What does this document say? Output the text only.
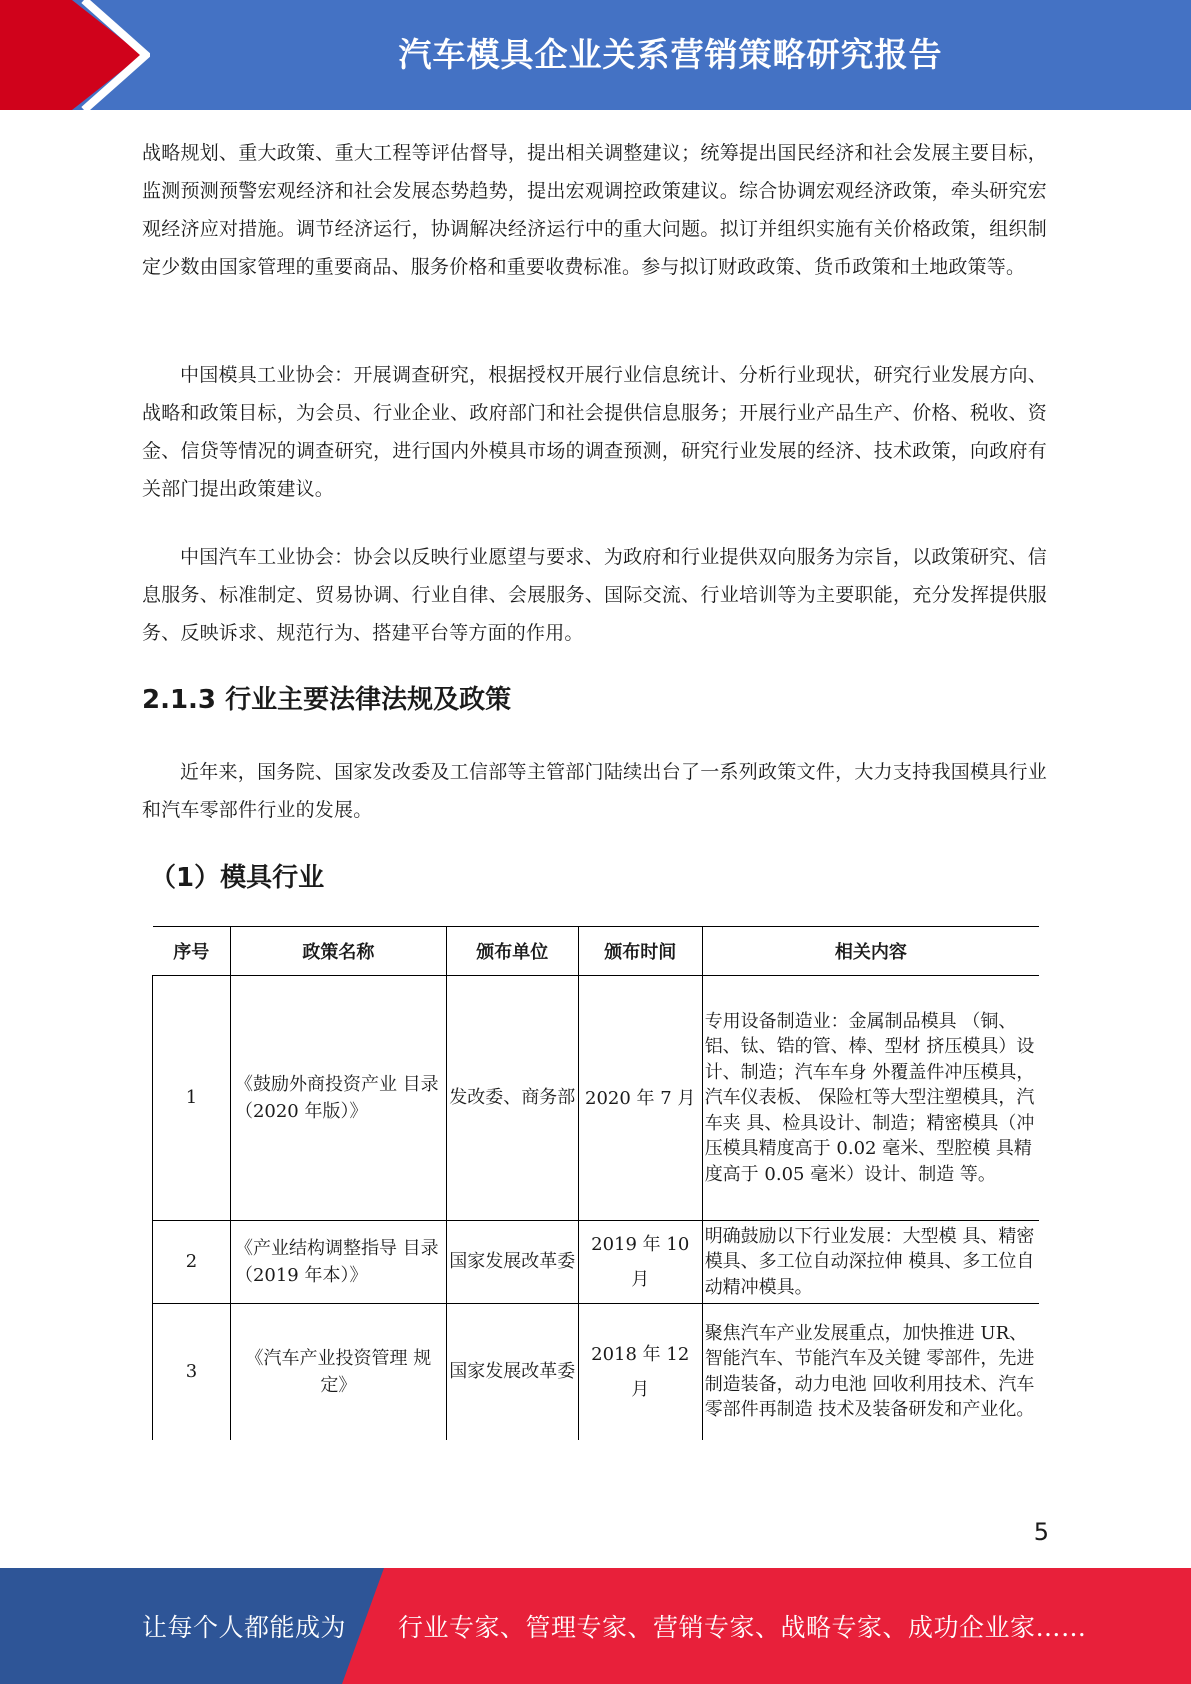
汽车模具企业关系营销策略研究报告

战略规划、重大政策、重大工程等评估督导，提出相关调整建议；统筹提出国民经济和社会发展主要目标，监测预测预警宏观经济和社会发展态势趋势，提出宏观调控政策建议。综合协调宏观经济政策，牵头研究宏观经济应对措施。调节经济运行，协调解决经济运行中的重大问题。拟订并组织实施有关价格政策，组织制定少数由国家管理的重要商品、服务价格和重要收费标准。参与拟订财政政策、货币政策和土地政策等。

中国模具工业协会：开展调查研究，根据授权开展行业信息统计、分析行业现状，研究行业发展方向、战略和政策目标，为会员、行业企业、政府部门和社会提供信息服务；开展行业产品生产、价格、税收、资金、信贷等情况的调查研究，进行国内外模具市场的调查预测，研究行业发展的经济、技术政策，向政府有关部门提出政策建议。

中国汽车工业协会：协会以反映行业愿望与要求、为政府和行业提供双向服务为宗旨，以政策研究、信息服务、标准制定、贸易协调、行业自律、会展服务、国际交流、行业培训等为主要职能，充分发挥提供服务、反映诉求、规范行为、搭建平台等方面的作用。

2.1.3 行业主要法律法规及政策

近年来，国务院、国家发改委及工信部等主管部门陆续出台了一系列政策文件，大力支持我国模具行业和汽车零部件行业的发展。

（1）模具行业
序号	政策名称	颁布单位	颁布时间	相关内容
1	《鼓励外商投资产业 目录（2020 年版）》	发改委、商务部	2020 年 7 月	专用设备制造业：金属制品模具 （铜、铝、钛、锆的管、棒、型材 挤压模具）设计、制造；汽车车身 外覆盖件冲压模具，汽车仪表板、 保险杠等大型注塑模具，汽车夹 具、检具设计、制造；精密模具（冲 压模具精度高于 0.02 毫米、型腔模 具精度高于 0.05 毫米）设计、制造 等。
2	《产业结构调整指导 目录（2019 年本）》	国家发展改革委	2019 年 10 月	明确鼓励以下行业发展：大型模 具、精密模具、多工位自动深拉伸 模具、多工位自动精冲模具。
3	《汽车产业投资管理 规定》	国家发展改革委	2018 年 12 月	聚焦汽车产业发展重点，加快推进 UR、智能汽车、节能汽车及关键 零部件，先进制造装备，动力电池 回收利用技术、汽车零部件再制造 技术及装备研发和产业化。
5
让每个人都能成为 行业专家、管理专家、营销专家、战略专家、成功企业家……
